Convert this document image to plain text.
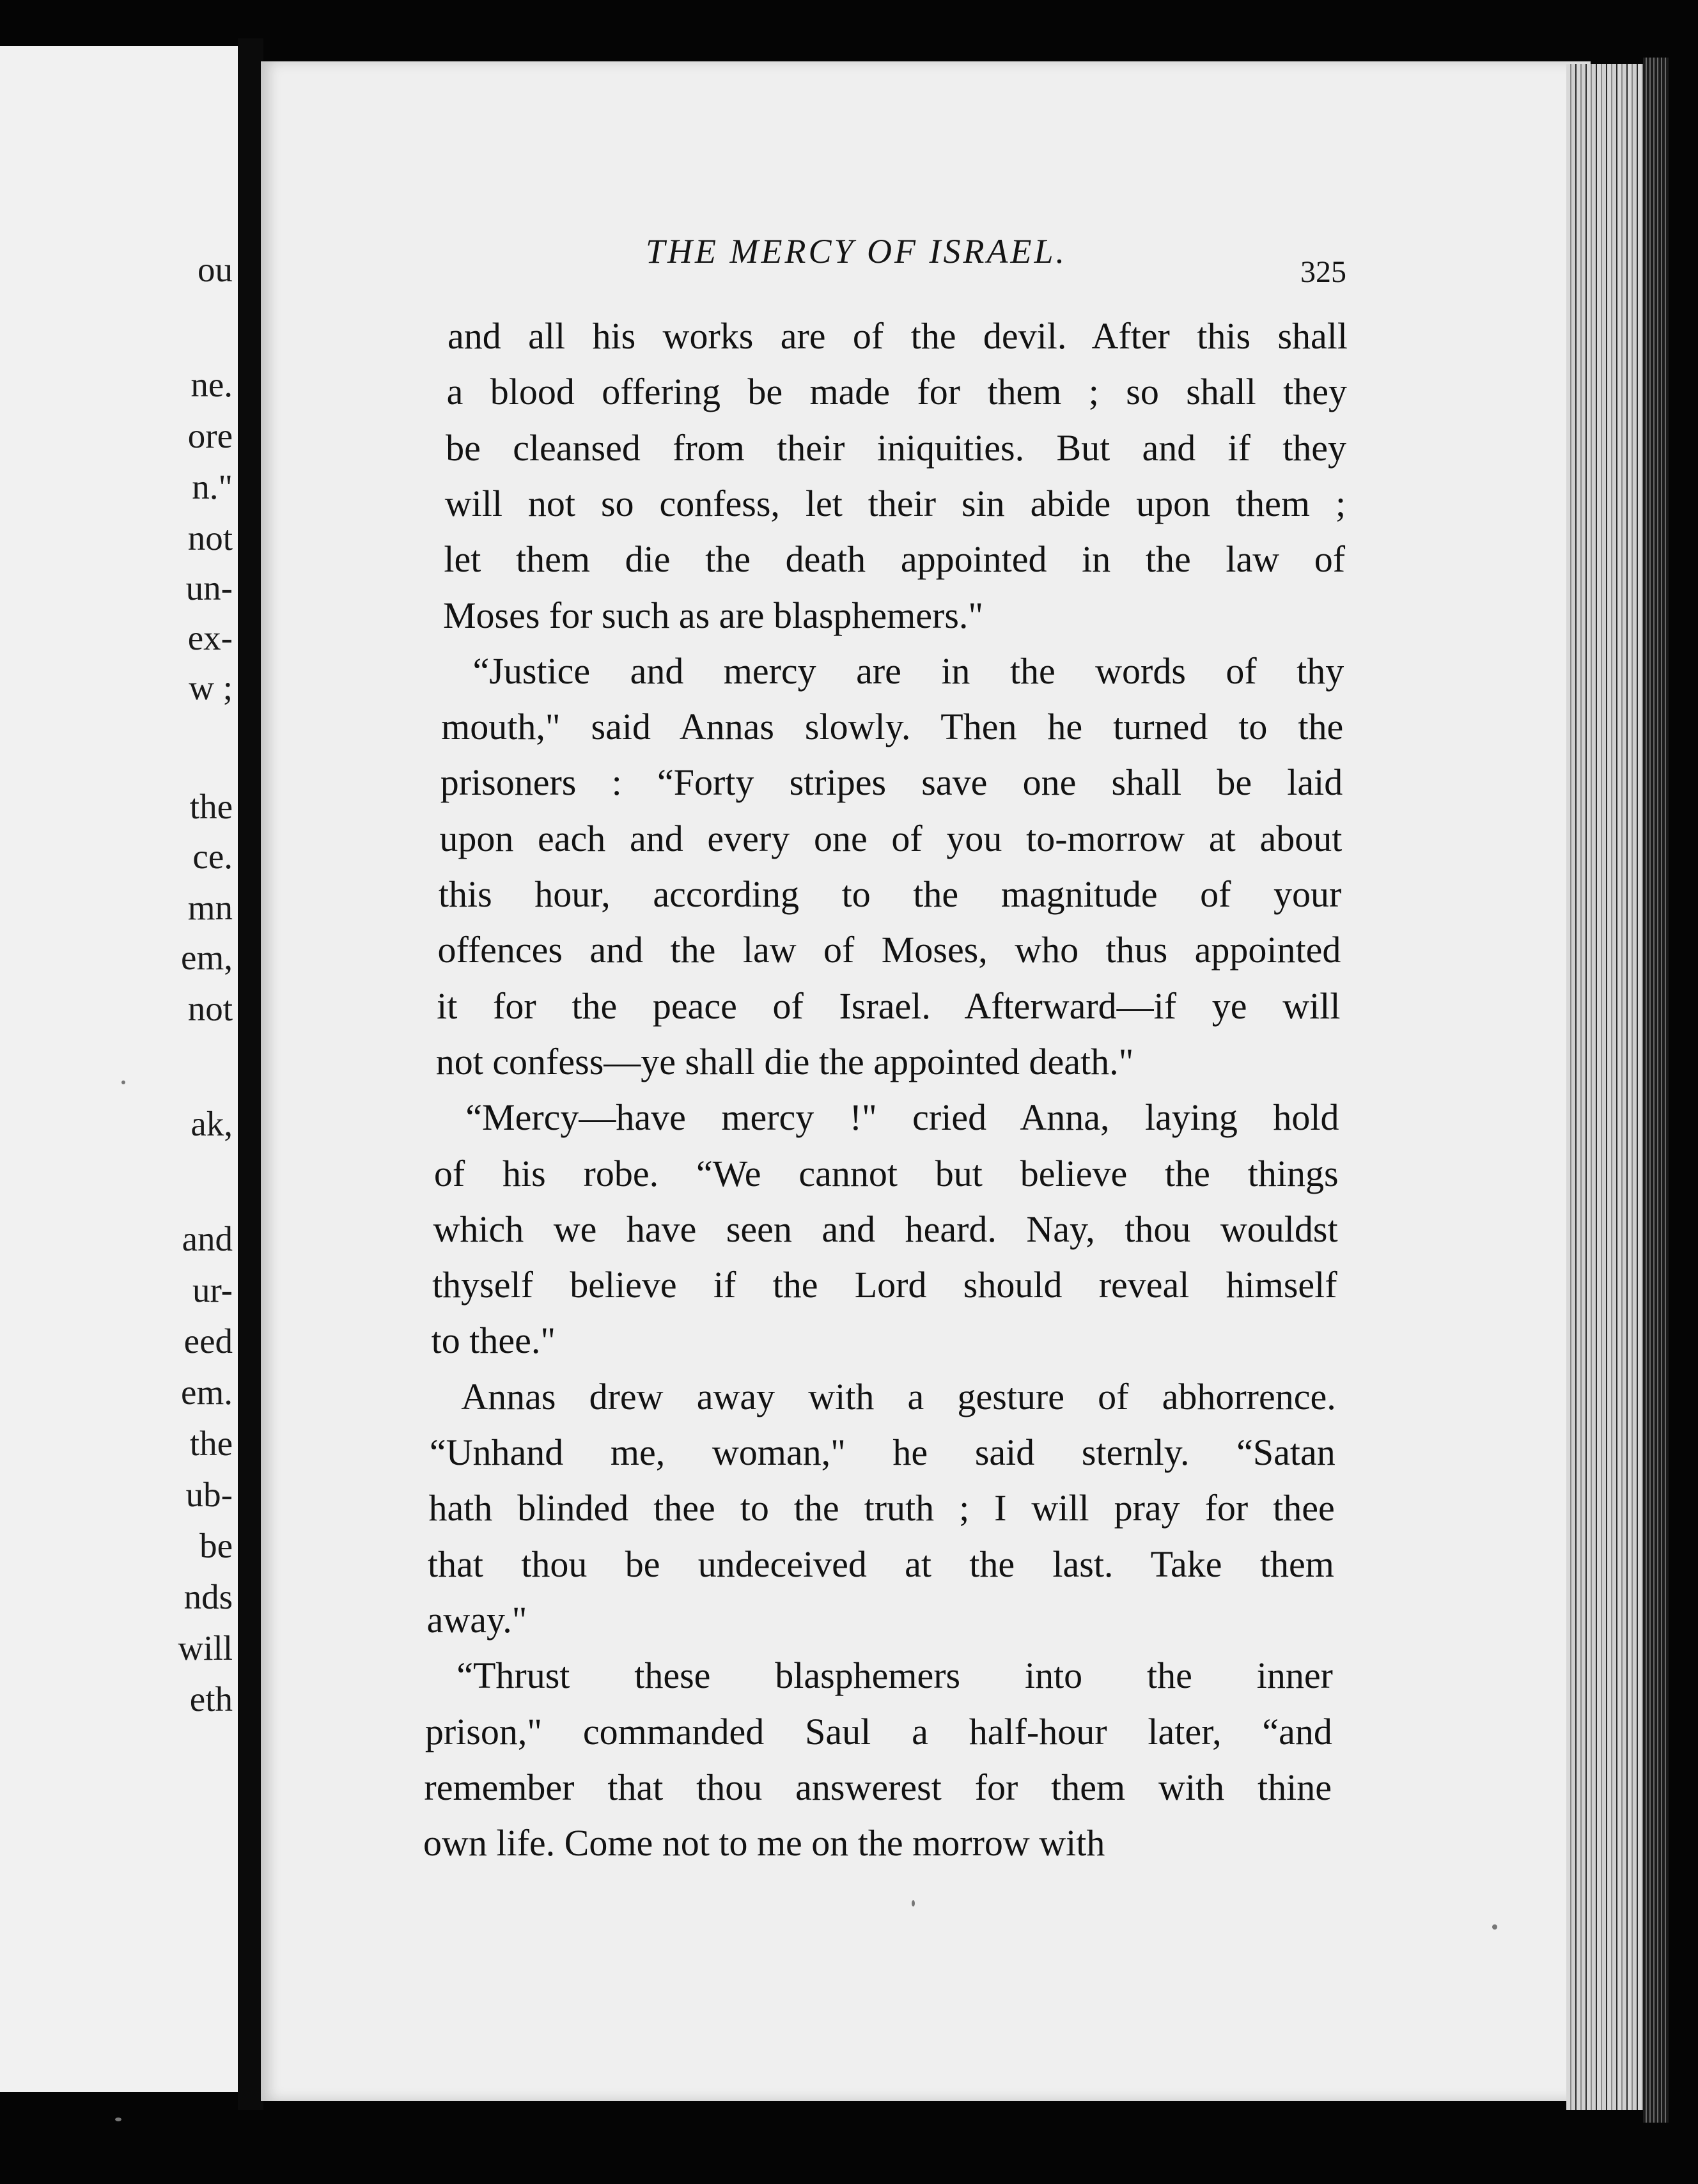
ou
ne.
ore
n."
not
un-
ex-
w ;
the
ce.
mn
em,
not
ak,
and
ur-
eed
em.
the
ub-
be
nds
will
eth
THE MERCY OF ISRAEL.
325
and all his works are of the devil. After this shall
a blood offering be made for them ; so shall they
be cleansed from their iniquities. But and if they
will not so confess, let their sin abide upon them ;
let them die the death appointed in the law of
Moses for such as are blasphemers."
“Justice and mercy are in the words of thy
mouth," said Annas slowly. Then he turned to the
prisoners : “Forty stripes save one shall be laid
upon each and every one of you to-morrow at about
this hour, according to the magnitude of your
offences and the law of Moses, who thus appointed
it for the peace of Israel. Afterward—if ye will
not confess—ye shall die the appointed death."
“Mercy—have mercy !" cried Anna, laying hold
of his robe. “We cannot but believe the things
which we have seen and heard. Nay, thou wouldst
thyself believe if the Lord should reveal himself
to thee."
Annas drew away with a gesture of abhorrence.
“Unhand me, woman," he said sternly. “Satan
hath blinded thee to the truth ; I will pray for thee
that thou be undeceived at the last. Take them
away."
“Thrust these blasphemers into the inner
prison," commanded Saul a half-hour later, “and
remember that thou answerest for them with thine
own life. Come not to me on the morrow with
